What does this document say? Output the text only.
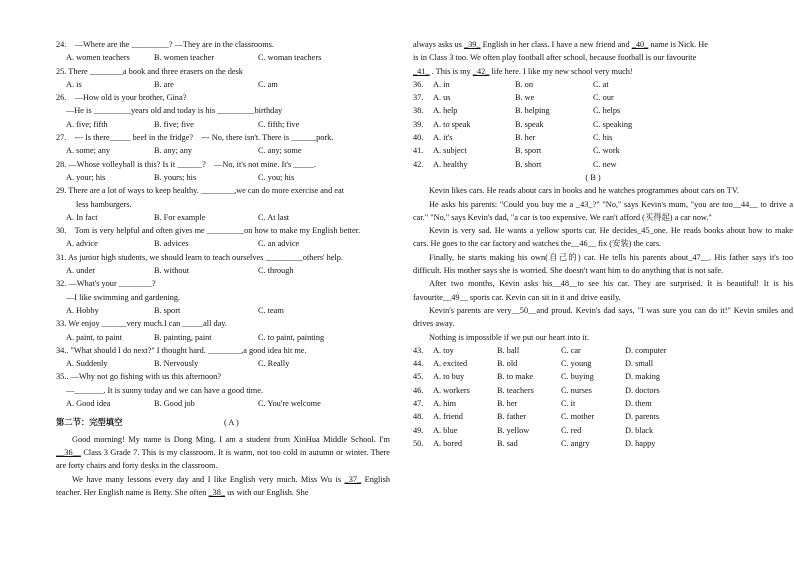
24.　—Where are the _________? —They are in the classrooms.
A. women teachers	B. women teacher	C. woman teachers
25. There ________a book and three erasers on the desk
A. is	B. are	C. am
26.　—How old is your brother, Gina?
—He is _________years old and today is his _________birthday
A. five; fifth	B. five; five	C. fifth; five
27.　--- Is there_____ beef in the fridge?　--- No, there isn't. There is ______pork.
A. some; any	B. any; any	C. any; some
28. —Whose volleyball is this? Is it ______?　—No, it's not mine. It's _____.
A. your; his	B. yours; his	C. you; his
29. There are a lot of ways to keep healthy. ________,we can do more exercise and eat
less hamburgers.
A. In fact	B. For example	C. At last
30.　Tom is very helpful and often gives me _________on how to make my English better.
A. advice	B. advices	C. an advice
31. As junior high students, we should learn to teach ourselves _________others' help.
A. under	B. without	C. through
32. —What's your ________?
—I like swimming and gardening.
A. Hobby	B. sport	C. team
33. We enjoy ______very much.I can _____all day.
A. paint, to paint	B. painting, paint	C. to paint, painting
34.. "What should I do next?" I thought hard. ________,a good idea hit me.
A. Suddenly	B. Nervously	C. Really
35.. —Why not go fishing with us this afternoon?
—_______. It is sunny today and we can have a good time.
A. Good idea	B. Good job	C. You're welcome
第二节：完型填空	( A )
Good morning! My name is Dong Ming. I am a student from XinHua Middle School. I'm __36__ Class 3 Grade 7. This is my classroom. It is warm, not too cold in autumn or winter. There are forty chairs and forty desks in the classroom.
We have many lessons every day and I like English very much. Miss Wu is _37_ English teacher. Her English name is Betty. She often _38_ us with our English. She
always asks us _39_ English in her class. I have a new friend and _40_ name is Nick. He
is in Class 3 too. We often play football after school, because football is our favourite
_41_ . This is my _42_ life here. I like my new school very much!
36.	A. in	B. on	C. at
37.	A. us	B. we	C. our
38.	A. help	B. helping	C. helps
39.	A. to speak	B. speak	C. speaking
40.	A. it's	B. her	C. his
41.	A. subject	B. sport	C. work
42.	A. healthy	B. short	C. new
( B )
Kevin likes cars. He reads about cars in books and he watches programmes about cars on TV.
He asks his parents: "Could you buy me a _43_?" "No," says Kevin's mum, "you are too__44__ to drive a car." "No," says Kevin's dad, "a car is too expensive. We can't afford (买得起) a car now."
Kevin is very sad. He wants a yellow sports car. He decides_45_one. He reads books about how to make cars. He goes to the car factory and watches the__46__ fix (安装) the cars.
Finally, he starts making his own(自己的) car. He tells his parents about_47__. His father says it's too difficult. His mother says she is worried. She doesn't want him to do anything that is not safe.
After two months, Kevin asks his__48__to see his car. They are surprised. It is beautiful! It is his favourite__49__ sports car. Kevin can sit in it and drive easily.
Kevin's parents are very__50__and proud. Kevin's dad says, "I was sure you can do it!" Kevin smiles and drives away.
Nothing is impossible if we put our heart into it.
43.	A. toy	B. ball	C. car	D. computer
44.	A. excited	B. old	C. young	D. small
45.	A. to buy	B. to make	C. buying	D. making
46.	A. workers	B. teachers	C. nurses	D. doctors
47.	A. him	B. her	C. it	D. them
48.	A. friend	B. father	C. mother	D. parents
49.	A. blue	B. yellow	C. red	D. black
50.	A. bored	B. sad	C. angry	D. happy
